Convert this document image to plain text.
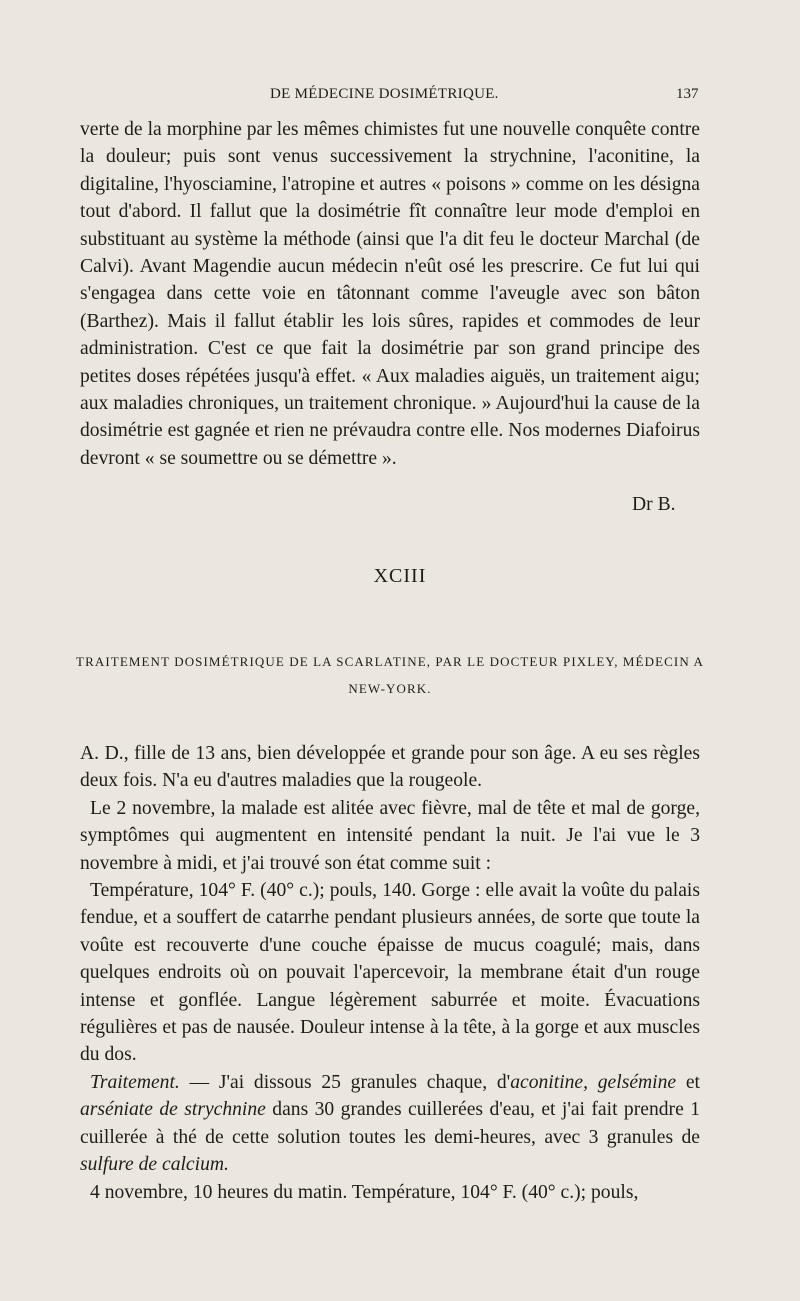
DE MÉDECINE DOSIMÉTRIQUE.	137

verte de la morphine par les mêmes chimistes fut une nouvelle conquête contre la douleur; puis sont venus successivement la strychnine, l'aconitine, la digitaline, l'hyosciamine, l'atropine et autres « poisons » comme on les désigna tout d'abord. Il fallut que la dosimétrie fît connaître leur mode d'emploi en substituant au système la méthode (ainsi que l'a dit feu le docteur Marchal (de Calvi). Avant Magendie aucun médecin n'eût osé les prescrire. Ce fut lui qui s'engagea dans cette voie en tâtonnant comme l'aveugle avec son bâton (Barthez). Mais il fallut établir les lois sûres, rapides et commodes de leur administration. C'est ce que fait la dosimétrie par son grand principe des petites doses répétées jusqu'à effet. « Aux maladies aiguës, un traitement aigu; aux maladies chroniques, un traitement chronique. » Aujourd'hui la cause de la dosimétrie est gagnée et rien ne prévaudra contre elle. Nos modernes Diafoirus devront « se soumettre ou se démettre ».

Dr B.
XCIII
TRAITEMENT DOSIMÉTRIQUE DE LA SCARLATINE, PAR LE DOCTEUR PIXLEY, MÉDECIN A NEW-YORK.

A. D., fille de 13 ans, bien développée et grande pour son âge. A eu ses règles deux fois. N'a eu d'autres maladies que la rougeole.

Le 2 novembre, la malade est alitée avec fièvre, mal de tête et mal de gorge, symptômes qui augmentent en intensité pendant la nuit. Je l'ai vue le 3 novembre à midi, et j'ai trouvé son état comme suit :

Température, 104° F. (40° c.); pouls, 140. Gorge : elle avait la voûte du palais fendue, et a souffert de catarrhe pendant plusieurs années, de sorte que toute la voûte est recouverte d'une couche épaisse de mucus coagulé; mais, dans quelques endroits où on pouvait l'apercevoir, la membrane était d'un rouge intense et gonflée. Langue légèrement saburrée et moite. Évacuations régulières et pas de nausée. Douleur intense à la tête, à la gorge et aux muscles du dos.

Traitement. — J'ai dissous 25 granules chaque, d'aconitine, gelsémine et arséniate de strychnine dans 30 grandes cuillerées d'eau, et j'ai fait prendre 1 cuillerée à thé de cette solution toutes les demi-heures, avec 3 granules de sulfure de calcium.

4 novembre, 10 heures du matin. Température, 104° F. (40° c.); pouls,
